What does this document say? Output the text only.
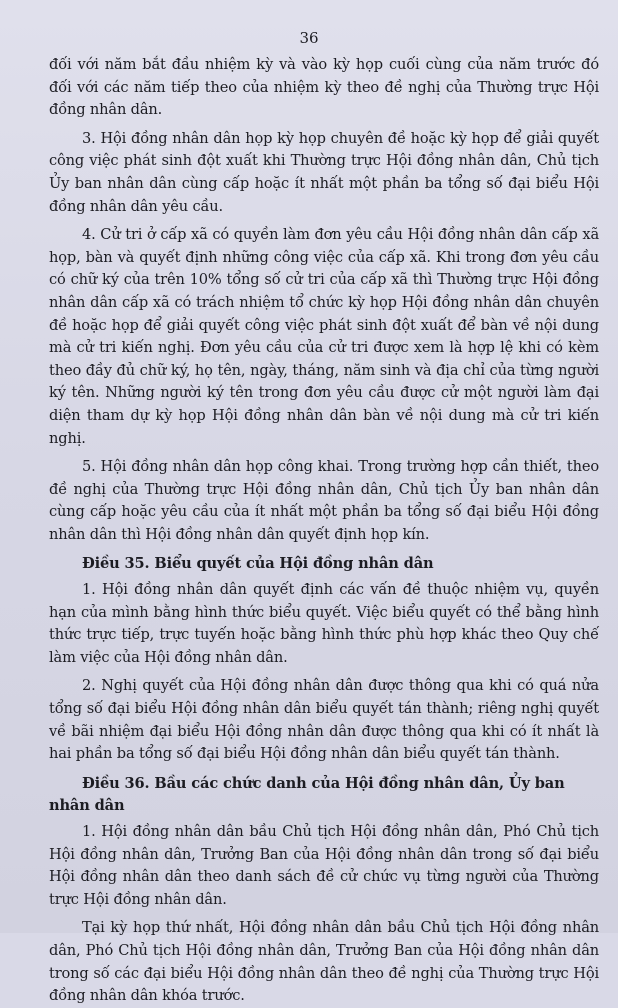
36

đối với năm bắt đầu nhiệm kỳ và vào kỳ họp cuối cùng của năm trước đó đối với các năm tiếp theo của nhiệm kỳ theo đề nghị của Thường trực Hội đồng nhân dân.

3. Hội đồng nhân dân họp kỳ họp chuyên đề hoặc kỳ họp để giải quyết công việc phát sinh đột xuất khi Thường trực Hội đồng nhân dân, Chủ tịch Ủy ban nhân dân cùng cấp hoặc ít nhất một phần ba tổng số đại biểu Hội đồng nhân dân yêu cầu.

4. Cử tri ở cấp xã có quyền làm đơn yêu cầu Hội đồng nhân dân cấp xã họp, bàn và quyết định những công việc của cấp xã. Khi trong đơn yêu cầu có chữ ký của trên 10% tổng số cử tri của cấp xã thì Thường trực Hội đồng nhân dân cấp xã có trách nhiệm tổ chức kỳ họp Hội đồng nhân dân chuyên đề hoặc họp để giải quyết công việc phát sinh đột xuất để bàn về nội dung mà cử tri kiến nghị. Đơn yêu cầu của cử tri được xem là hợp lệ khi có kèm theo đầy đủ chữ ký, họ tên, ngày, tháng, năm sinh và địa chỉ của từng người ký tên. Những người ký tên trong đơn yêu cầu được cử một người làm đại diện tham dự kỳ họp Hội đồng nhân dân bàn về nội dung mà cử tri kiến nghị.

5. Hội đồng nhân dân họp công khai. Trong trường hợp cần thiết, theo đề nghị của Thường trực Hội đồng nhân dân, Chủ tịch Ủy ban nhân dân cùng cấp hoặc yêu cầu của ít nhất một phần ba tổng số đại biểu Hội đồng nhân dân thì Hội đồng nhân dân quyết định họp kín.

Điều 35. Biểu quyết của Hội đồng nhân dân

1. Hội đồng nhân dân quyết định các vấn đề thuộc nhiệm vụ, quyền hạn của mình bằng hình thức biểu quyết. Việc biểu quyết có thể bằng hình thức trực tiếp, trực tuyến hoặc bằng hình thức phù hợp khác theo Quy chế làm việc của Hội đồng nhân dân.

2. Nghị quyết của Hội đồng nhân dân được thông qua khi có quá nửa tổng số đại biểu Hội đồng nhân dân biểu quyết tán thành; riêng nghị quyết về bãi nhiệm đại biểu Hội đồng nhân dân được thông qua khi có ít nhất là hai phần ba tổng số đại biểu Hội đồng nhân dân biểu quyết tán thành.

Điều 36. Bầu các chức danh của Hội đồng nhân dân, Ủy ban nhân dân

1. Hội đồng nhân dân bầu Chủ tịch Hội đồng nhân dân, Phó Chủ tịch Hội đồng nhân dân, Trưởng Ban của Hội đồng nhân dân trong số đại biểu Hội đồng nhân dân theo danh sách đề cử chức vụ từng người của Thường trực Hội đồng nhân dân.

Tại kỳ họp thứ nhất, Hội đồng nhân dân bầu Chủ tịch Hội đồng nhân dân, Phó Chủ tịch Hội đồng nhân dân, Trưởng Ban của Hội đồng nhân dân trong số các đại biểu Hội đồng nhân dân theo đề nghị của Thường trực Hội đồng nhân dân khóa trước.
